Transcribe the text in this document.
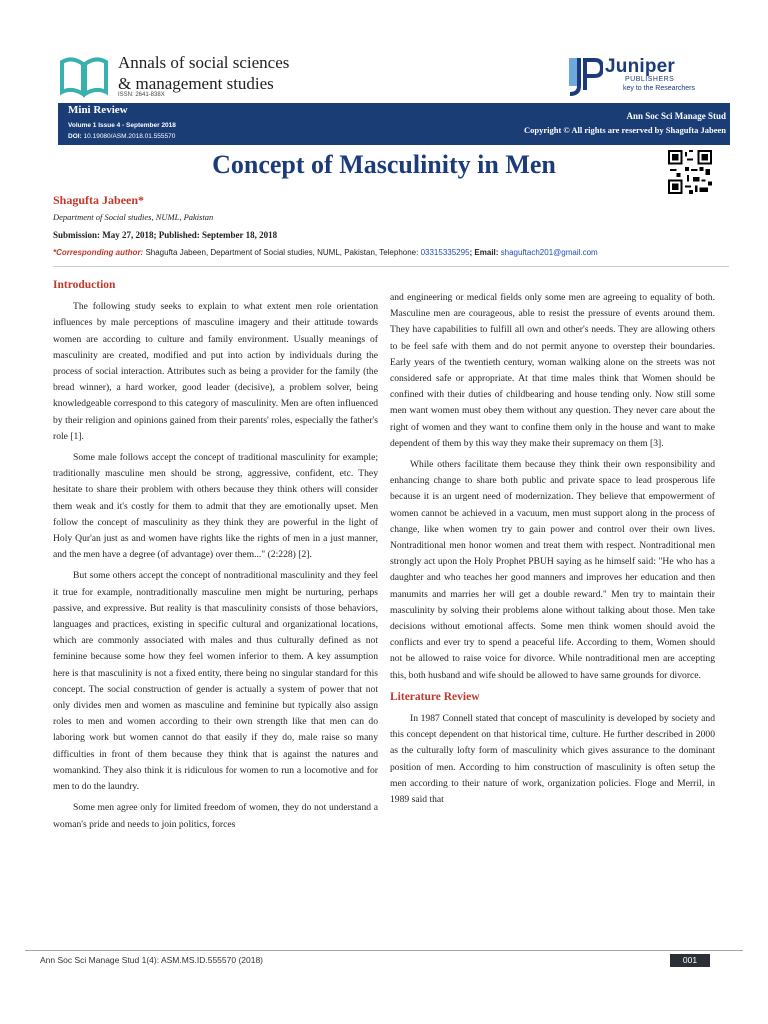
Annals of social sciences
& management studies
ISSN: 2641-838X
Juniper
PUBLISHERS
key to the Researchers
Mini Review
Volume 1 Issue 4 - September 2018
DOI: 10.19080/ASM.2018.01.555570
Ann Soc Sci Manage Stud
Copyright © All rights are reserved by Shagufta Jabeen
Concept of Masculinity in Men
Shagufta Jabeen*
Department of Social studies, NUML, Pakistan
Submission: May 27, 2018; Published: September 18, 2018
*Corresponding author: Shagufta Jabeen, Department of Social studies, NUML, Pakistan, Telephone: 03315335295; Email: shaguftach201@gmail.com
Introduction

The following study seeks to explain to what extent men role orientation influences by male perceptions of masculine imagery and their attitude towards women are according to culture and family environment. Usually meanings of masculinity are created, modified and put into action by individuals during the process of social interaction. Attributes such as being a provider for the family (the bread winner), a hard worker, good leader (decisive), a problem solver, being knowledgeable correspond to this category of masculinity. Men are often influenced by their religion and opinions gained from their parents' roles, especially the father's role [1].

Some male follows accept the concept of traditional masculinity for example; traditionally masculine men should be strong, aggressive, confident, etc. They hesitate to share their problem with others because they think others will consider them weak and it's costly for them to admit that they are emotionally upset. Men follow the concept of masculinity as they think they are powerful in the light of Holy Qur'an just as and women have rights like the rights of men in a just manner, and the men have a degree (of advantage) over them..." (2:228) [2].

But some others accept the concept of nontraditional masculinity and they feel it true for example, nontraditionally masculine men might be nurturing, perhaps passive, and expressive. But reality is that masculinity consists of those behaviors, languages and practices, existing in specific cultural and organizational locations, which are commonly associated with males and thus culturally defined as not feminine because some how they feel women inferior to them. A key assumption here is that masculinity is not a fixed entity, there being no singular standard for this concept. The social construction of gender is actually a system of power that not only divides men and women as masculine and feminine but typically also assign roles to men and women according to their own strength like that men can do laboring work but women cannot do that easily if they do, male raise so many difficulties in front of them because they think that is against the natures and womankind. They also think it is ridiculous for women to run a locomotive and for men to do the laundry.

Some men agree only for limited freedom of women, they do not understand a woman's pride and needs to join politics, forces

and engineering or medical fields only some men are agreeing to equality of both. Masculine men are courageous, able to resist the pressure of events around them. They have capabilities to fulfill all own and other's needs. They are allowing others to be feel safe with them and do not permit anyone to overstep their boundaries. Early years of the twentieth century, woman walking alone on the streets was not considered safe or appropriate. At that time males think that Women should be confined with their duties of childbearing and house tending only. Now still some men want women must obey them without any question. They never care about the right of women and they want to confine them only in the house and want to make dependent of them by this way they make their supremacy on them [3].

While others facilitate them because they think their own responsibility and enhancing change to share both public and private space to lead prosperous life because it is an urgent need of modernization. They believe that empowerment of women cannot be achieved in a vacuum, men must support along in the process of change, like when women try to gain power and control over their own lives. Nontraditional men honor women and treat them with respect. Nontraditional men strongly act upon the Holy Prophet PBUH saying as he himself said: "He who has a daughter and who teaches her good manners and improves her education and then manumits and marries her will get a double reward." Men try to maintain their masculinity by solving their problems alone without talking about those. Men take decisions without emotional affects. Some men think women should avoid the conflicts and ever try to spend a peaceful life. According to them, Women should not be allowed to raise voice for divorce. While nontraditional men are accepting this, both husband and wife should be allowed to have same grounds for divorce.

Literature Review

In 1987 Connell stated that concept of masculinity is developed by society and this concept dependent on that historical time, culture. He further described in 2000 as the culturally lofty form of masculinity which gives assurance to the dominant position of men. According to him construction of masculinity is often setup the men according to their nature of work, organization policies. Floge and Merril, in 1989 said that

Ann Soc Sci Manage Stud 1(4): ASM.MS.ID.555570 (2018)	001
